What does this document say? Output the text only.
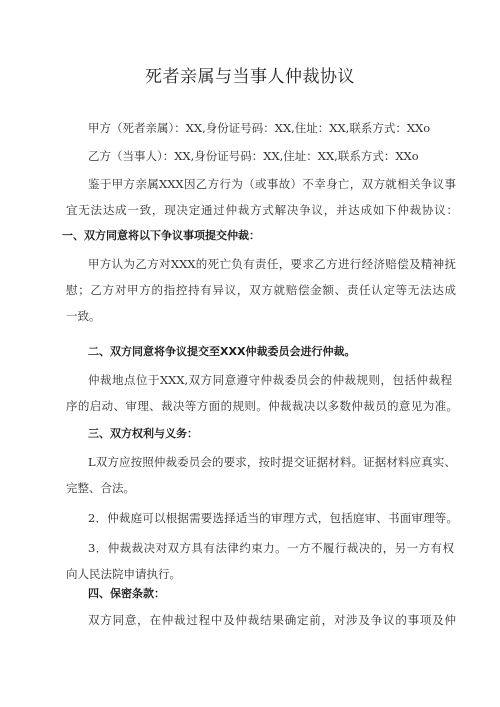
死者亲属与当事人仲裁协议
甲方（死者亲属）：XX,身份证号码：XX,住址：XX,联系方式：XXo
乙方（当事人）：XX,身份证号码：XX,住址：XX,联系方式：XXo
鉴于甲方亲属XXX因乙方行为（或事故）不幸身亡，双方就相关争议事
宜无法达成一致，现决定通过仲裁方式解决争议，并达成如下仲裁协议：
一、双方同意将以下争议事项提交仲裁：
甲方认为乙方对XXX的死亡负有责任，要求乙方进行经济赔偿及精神抚
慰；乙方对甲方的指控持有异议，双方就赔偿金额、责任认定等无法达成
一致。
二、双方同意将争议提交至XXX仲裁委员会进行仲裁。
仲裁地点位于XXX,双方同意遵守仲裁委员会的仲裁规则，包括仲裁程
序的启动、审理、裁决等方面的规则。仲裁裁决以多数仲裁员的意见为准。
三、双方权利与义务：
L双方应按照仲裁委员会的要求，按时提交证据材料。证据材料应真实、
完整、合法。
2．仲裁庭可以根据需要选择适当的审理方式，包括庭审、书面审理等。
3．仲裁裁决对双方具有法律约束力。一方不履行裁决的，另一方有权
向人民法院申请执行。
四、保密条款：
双方同意，在仲裁过程中及仲裁结果确定前，对涉及争议的事项及仲
